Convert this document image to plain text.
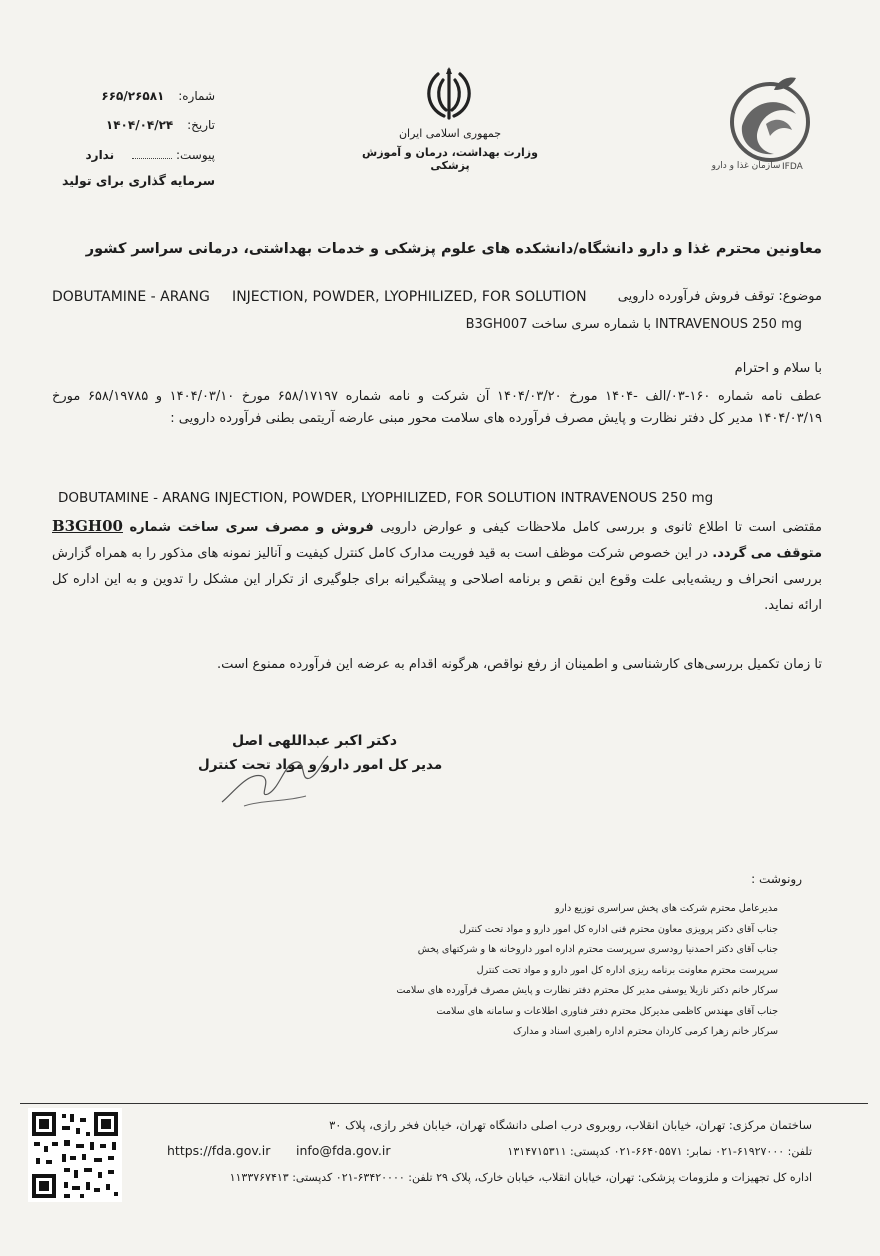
شماره: ۶۶۵/۲۶۵۸۱
تاریخ: ۱۴۰۴/۰۴/۲۴
پیوست: ندارد
سرمایه گذاری برای تولید
جمهوری اسلامی ایران
وزارت بهداشت، درمان و آموزش پزشکی	سازمان غذا و دارو IFDA
معاونین محترم غذا و دارو دانشگاه/دانشکده های علوم پزشکی و خدمات بهداشتی، درمانی سراسر کشور
موضوع: توقف فروش فرآورده دارویی
DOBUTAMINE - ARANG     INJECTION, POWDER, LYOPHILIZED, FOR SOLUTION
INTRAVENOUS 250 mg با شماره سری ساخت B3GH007
با سلام و احترام
عطف نامه شماره ۱۶۰-۰۳/الف -۱۴۰۴ مورخ ۱۴۰۴/۰۳/۲۰ آن شرکت و نامه شماره ۶۵۸/۱۷۱۹۷ مورخ ۱۴۰۴/۰۳/۱۰ و ۶۵۸/۱۹۷۸۵ مورخ ۱۴۰۴/۰۳/۱۹ مدیر کل دفتر نظارت و پایش مصرف فرآورده های سلامت محور مبنی عارضه آریتمی بطنی فرآورده دارویی :
DOBUTAMINE - ARANG INJECTION, POWDER, LYOPHILIZED, FOR SOLUTION INTRAVENOUS 250 mg
مقتضی است تا اطلاع ثانوی و بررسی کامل ملاحظات کیفی و عوارض دارویی فروش و مصرف سری ساخت شماره B3GH00 متوقف می گردد. در این خصوص شرکت موظف است به قید فوریت مدارک کامل کنترل کیفیت و آنالیز نمونه های مذکور را به همراه گزارش بررسی انحراف و ریشه‌یابی علت وقوع این نقص و برنامه اصلاحی و پیشگیرانه برای جلوگیری از تکرار این مشکل را تدوین و به این اداره کل ارائه نماید.
تا زمان تکمیل بررسی‌های کارشناسی و اطمینان از رفع نواقص، هرگونه اقدام به عرضه این فرآورده ممنوع است.
دکتر اکبر عبداللهی اصل
مدیر کل امور دارو و مواد تحت کنترل
رونوشت :
مدیرعامل محترم شرکت های پخش سراسری توزیع دارو
جناب آقای دکتر پرویزی معاون محترم فنی اداره کل امور دارو و مواد تحت کنترل
جناب آقای دکتر احمدنیا رودسری سرپرست محترم اداره امور داروخانه ها و شرکتهای پخش
سرپرست محترم معاونت برنامه ریزی اداره کل امور دارو و مواد تحت کنترل
سرکار خانم دکتر نازیلا یوسفی مدیر کل محترم دفتر نظارت و پایش مصرف فرآورده های سلامت
جناب آقای مهندس کاظمی مدیرکل محترم دفتر فناوری اطلاعات و سامانه های سلامت
سرکار خانم زهرا کرمی کاردان محترم اداره راهبری اسناد و مدارک
ساختمان مرکزی: تهران، خیابان انقلاب، روبروی درب اصلی دانشگاه تهران، خیابان فخر رازی، پلاک ۳۰
https://fda.gov.ir info@fda.gov.ir	تلفن: ۶۱۹۲۷۰۰۰-۰۲۱ نمابر: ۶۶۴۰۵۵۷۱-۰۲۱ کدپستی: ۱۳۱۴۷۱۵۳۱۱
اداره کل تجهیزات و ملزومات پزشکی: تهران، خیابان انقلاب، خیابان خارک، پلاک ۲۹ تلفن: ۶۳۴۲۰۰۰۰-۰۲۱ کدپستی: ۱۱۳۳۷۶۷۴۱۳
